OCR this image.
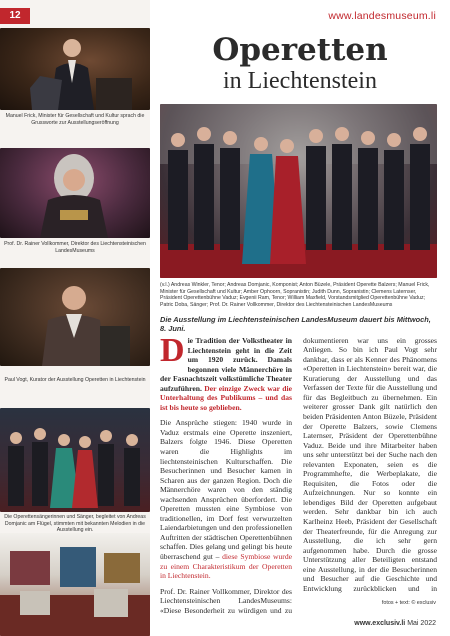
12
Manuel Frick, Minister für Gesellschaft und Kultur sprach die Grussworte zur Ausstellungseröffnung
Prof. Dr. Rainer Vollkommer, Direktor des Liechtensteinischen LandesMuseums
Paul Vogt, Kurator der Ausstellung Operetten in Liechtenstein
Die Operettensängerinnen und Sänger, begleitet von Andreas Domjanic am Flügel, stimmten mit bekannten Melodien in die Ausstellung ein.
www.landesmuseum.li
Operetten
in Liechtenstein
(v.l.) Andreas Winkler, Tenor; Andreas Domjanic, Komponist; Anton Büzele, Präsident Operette Balzers; Manuel Frick, Minister für Gesellschaft und Kultur; Amber Ophoorn, Sopranistin; Judith Dunn, Sopranistin; Clemens Laternser, Präsident Operettenbühne Vaduz; Evgenii Ram, Tenor; William Maxfield, Vorstandsmitglied Operettenbühne Vaduz; Patric Doba, Sänger; Prof. Dr. Rainer Vollkommer, Direktor des Liechtensteinischen LandesMuseums
Die Ausstellung im Liechtensteinischen LandesMuseum dauert bis Mittwoch, 8. Juni.
D ie Tradition der Volkstheater in Liechtenstein geht in die Zeit um 1920 zurück. Damals begonnen viele Männerchöre in der Fasnachtszeit volkstümliche Theater aufzuführen. Der einzige Zweck war die Unterhaltung des Publikums – und das ist bis heute so geblieben.
Die Ansprüche stiegen: 1940 wurde in Vaduz erstmals eine Operette inszeniert, Balzers folgte 1946. Diese Operetten waren die Highlights im liechtensteinischen Kulturschaffen. Die Besucherinnen und Besucher kamen in Scharen aus der ganzen Region. Doch die Männerchöre waren von den ständig wachsenden Ansprüchen überfordert. Die Operetten mussten eine Symbiose von traditionellen, im Dorf fest verwurzelten Laiendarbietungen und den professionellen Auftritten der städtischen Operettenbühnen schaffen. Dies gelang und gelingt bis heute überraschend gut – diese Symbiose wurde zu einem Charakteristikum der Operetten in Liechtenstein.
Prof. Dr. Rainer Vollkommer, Direktor des Liechtensteinischen LandesMuseums: «Diese Besonderheit zu würdigen und zu
dokumentieren war uns ein grosses Anliegen. So bin ich Paul Vogt sehr dankbar, dass er als Kenner des Phänomens «Operetten in Liechtenstein» bereit war, die Kuratierung der Ausstellung und das Verfassen der Texte für die Ausstellung und für das Begleitbuch zu übernehmen. Ein weiterer grosser Dank gilt natürlich den beiden Präsidenten Anton Büzele, Präsident der Operette Balzers, sowie Clemens Laternser, Präsident der Operettenbühne Vaduz. Beide und ihre Mitarbeiter haben uns sehr unterstützt bei der Suche nach den relevanten Exponaten, seien es die Programmhefte, die Werbeplakate, die Requisiten, die Fotos oder die Aufzeichnungen. Nur so konnte ein lebendiges Bild der Operetten aufgebaut werden. Sehr dankbar bin ich auch Karlheinz Heeb, Präsident der Gesellschaft der Theaterfreunde, für die Anregung zur Ausstellung, die ich sehr gern aufgenommen habe. Durch die grosse Unterstützung aller Beteiligten entstand eine Ausstellung, in der die Besucherinnen und Besucher auf die Geschichte und Entwicklung zurückblicken und in
fotos + text: © exclusiv
www.exclusiv.li Mai 2022
